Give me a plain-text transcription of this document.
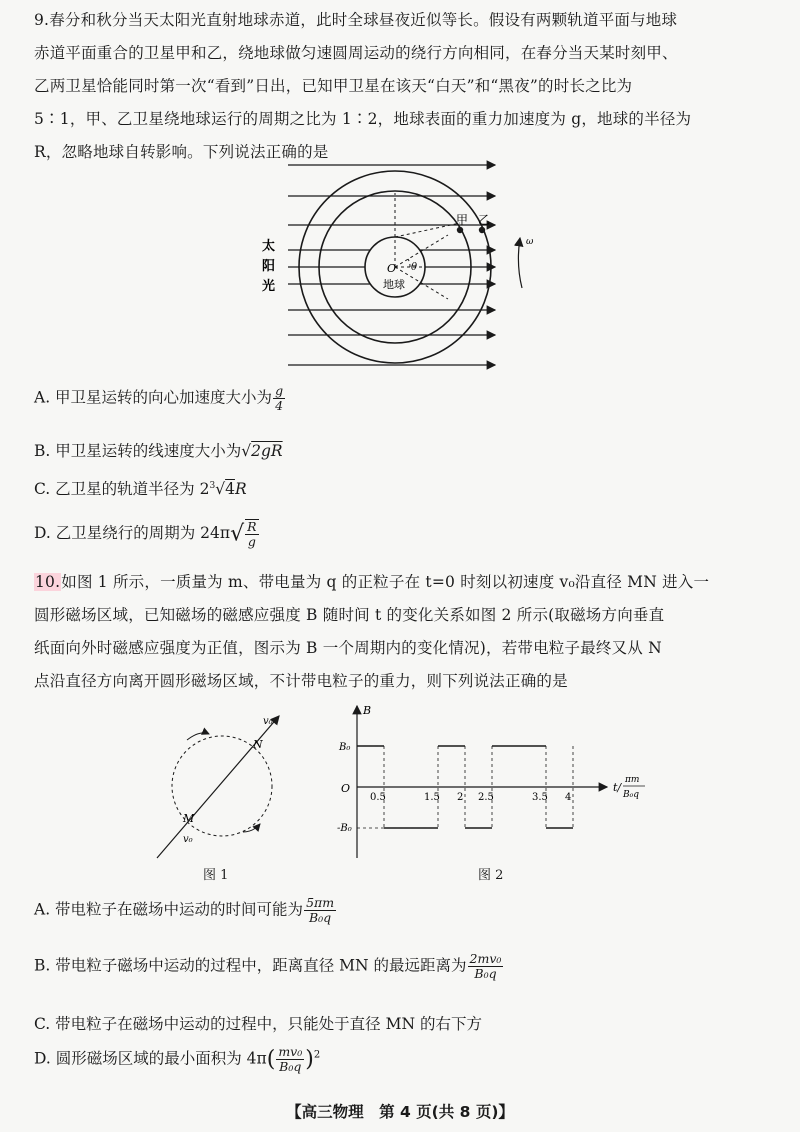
9.春分和秋分当天太阳光直射地球赤道，此时全球昼夜近似等长。假设有两颗轨道平面与地球
赤道平面重合的卫星甲和乙，绕地球做匀速圆周运动的绕行方向相同，在春分当天某时刻甲、
乙两卫星恰能同时第一次“看到”日出，已知甲卫星在该天“白天”和“黑夜”的时长之比为
5∶1，甲、乙卫星绕地球运行的周期之比为 1∶2，地球表面的重力加速度为 g，地球的半径为
R，忽略地球自转影响。下列说法正确的是
甲 乙
O θ
地球
太
阳
光
ω
A. 甲卫星运转的向心加速度大小为 $\frac{g}{4}$
B. 甲卫星运转的线速度大小为√2gR
C. 乙卫星的轨道半径为 $2^3√4R$
D. 乙卫星绕行的周期为 $24\pi√ \frac{R}{g}$
10.如图 1 所示，一质量为 m、带电量为 q 的正粒子在 t=0 时刻以初速度 v₀沿直径 MN 进入一
圆形磁场区域，已知磁场的磁感应强度 B 随时间 t 的变化关系如图 2 所示(取磁场方向垂直
纸面向外时磁感应强度为正值，图示为 B 一个周期内的变化情况)，若带电粒子最终又从 N
点沿直径方向离开圆形磁场区域，不计带电粒子的重力，则下列说法正确的是
M
N
v₀
v₀
图 1
B
O
B₀
-B₀
t/
πm
B₀q
0.5	1.5 2 2.5	3.5 4
图 2
A. 带电粒子在磁场中运动的时间可能为 $\frac{5\pi m}{\text{B₀q}}$
B. 带电粒子磁场中运动的过程中，距离直径 MN 的最远距离为 $\frac{\text{2mv₀}}{\text{B₀q}}$
C. 带电粒子在磁场中运动的过程中，只能处于直径 MN 的右下方
D. 圆形磁场区域的最小面积为 $4\pi( \frac{\text{mv₀}}{\text{B₀q}} )^2$
【高三物理　第 4 页(共 8 页)】
